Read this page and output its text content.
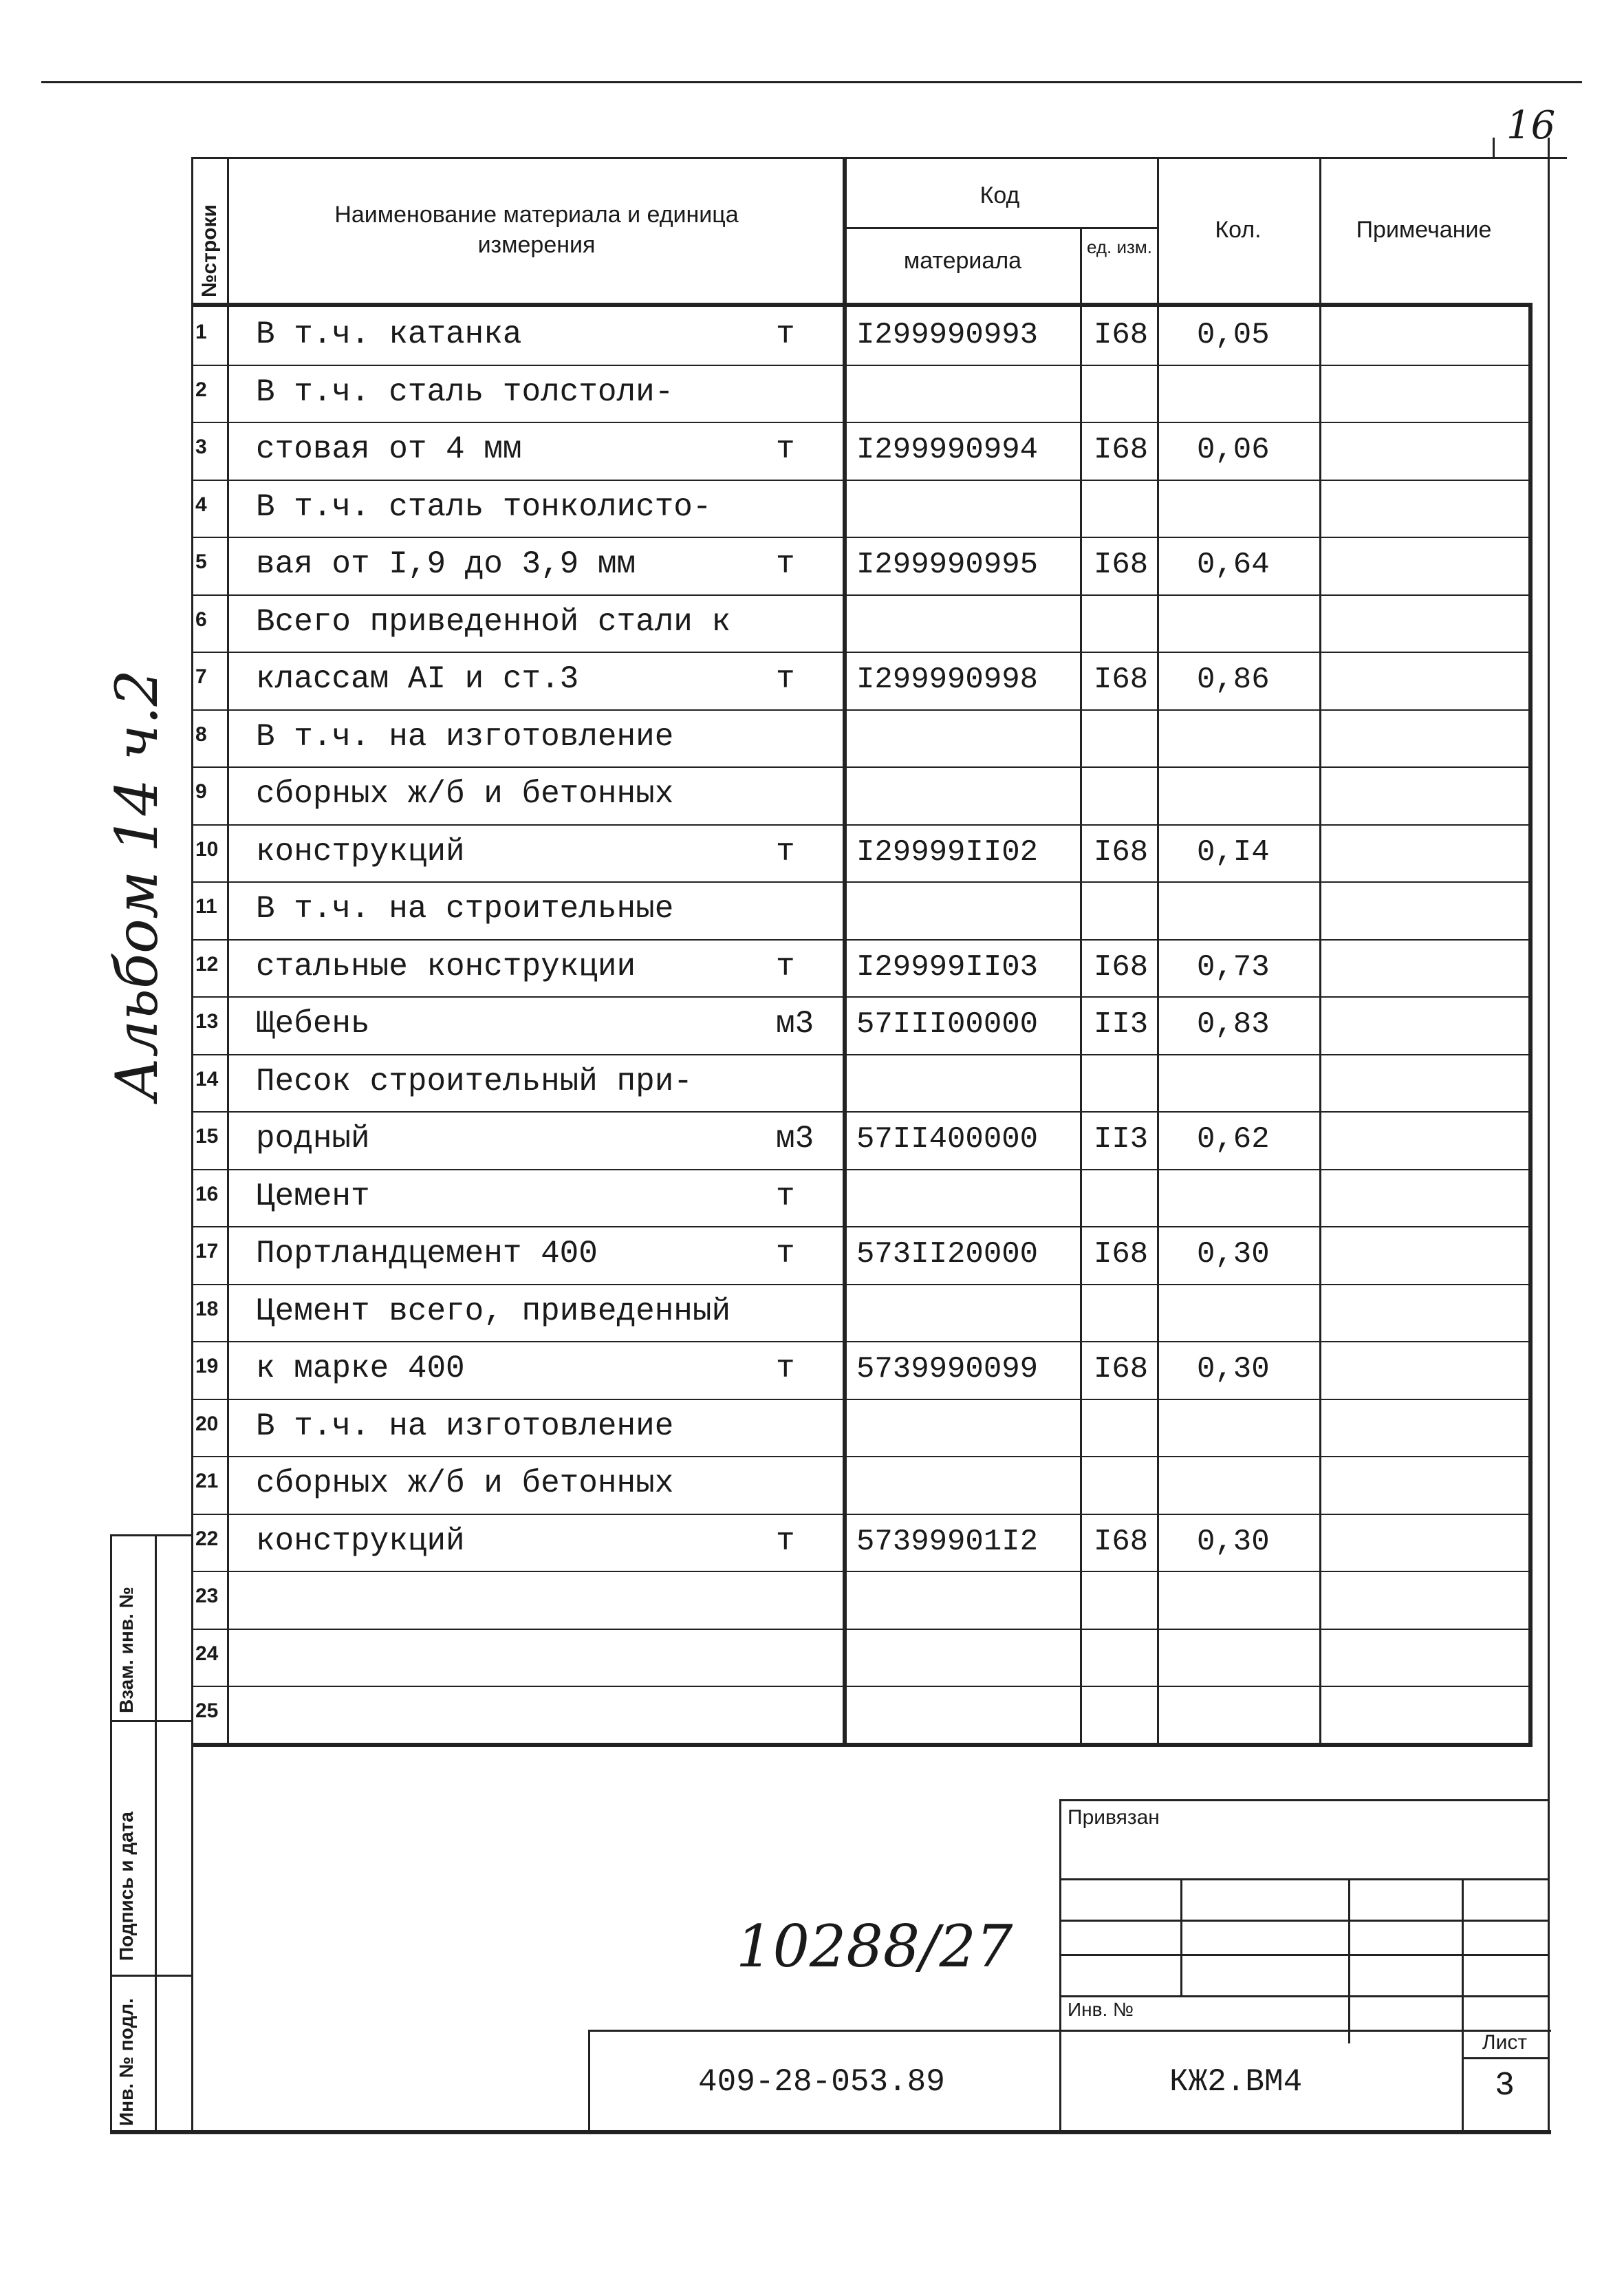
16
№строки	Наименование материала и единица измерения
Код
материала
ед. изм.
Кол.	Примечание
1	В т.ч. катанка	т I299990993 I68 0,05
2	В т.ч. сталь толстоли-
3	стовая от 4 мм	т I299990994 I68 0,06
4	В т.ч. сталь тонколисто-
5	вая от I,9 до 3,9 мм	т I299990995 I68 0,64
6	Всего приведенной стали к
7	классам AI и ст.3	т I299990998 I68 0,86
8	В т.ч. на изготовление
9	сборных ж/б и бетонных
10 конструкций	т I29999II02 I68 0,I4
11 В т.ч. на строительные
12 стальные конструкции	т I29999II03 I68 0,73
13 Щебень	м3 57III00000 II3 0,83
14 Песок строительный при-
15 родный	м3 57II400000 II3 0,62
16 Цемент	т
17 Портландцемент 400	т 573II20000 I68 0,30
18 Цемент всего, приведенный
19 к марке 400	т 5739990099 I68 0,30
20 В т.ч. на изготовление
21 сборных ж/б и бетонных
22 конструкций	т 57399901I2 I68 0,30
23
24
25
Привязан
Инв. №
10288/27
409-28-053.89	КЖ2.ВМ4
Лист
3
Взам. инв. №
Подпись и дата
Инв. № подл.
Альбом 14 ч.2
